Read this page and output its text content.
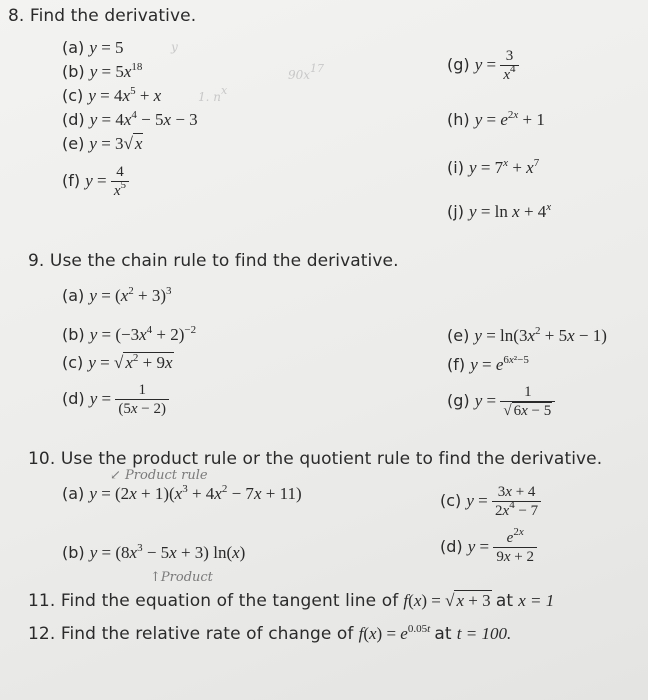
8. Find the derivative.
(a) y = 5	y
(b) $y = 5x^{18}$
$90x^{17}$
(c) $y = 4x^5 + x$	1. $n^x$
(d) $y = 4x^4 - 5x - 3$
(e) y = 3√ x
(f) $y = \frac{4}{x^5}$
(g) $y = \frac{3}{x^4}$
(h) $y = e^{2x} + 1$
(i) $y = 7^x + x^7$
(j) $y = \ln x + 4^x$
9. Use the chain rule to find the derivative.
(a) $y = (x^2 + 3)^3$
(b) $y = (-3x^4 + 2)^{-2}$
(c) y = √ $x^2 + 9x$
(d) $y = \frac{1}{(5x - 2)}$
(e) $y = \ln(3x^2 + 5x - 1)$
(f) $y = e^{6x^2-5}$
(g) $y = \frac{1}{√ 6x - 5}$
10. Use the product rule or the quotient rule to find the derivative.
↙ Product rule
(a) $y = (2x + 1)(x^3 + 4x^2 - 7x + 11)$	(c) $y = \frac{3x + 4}{2x^4 - 7}$
(b) $y = (8x^3 - 5x + 3)$ ln(x)	(d) $y = \frac{e^{2x}}{9x + 2}$
↑Product
11. Find the equation of the tangent line of f(x) = √ x + 3 at x = 1
12. Find the relative rate of change of $f(x) = e^{0.05t}$ at t = 100.
